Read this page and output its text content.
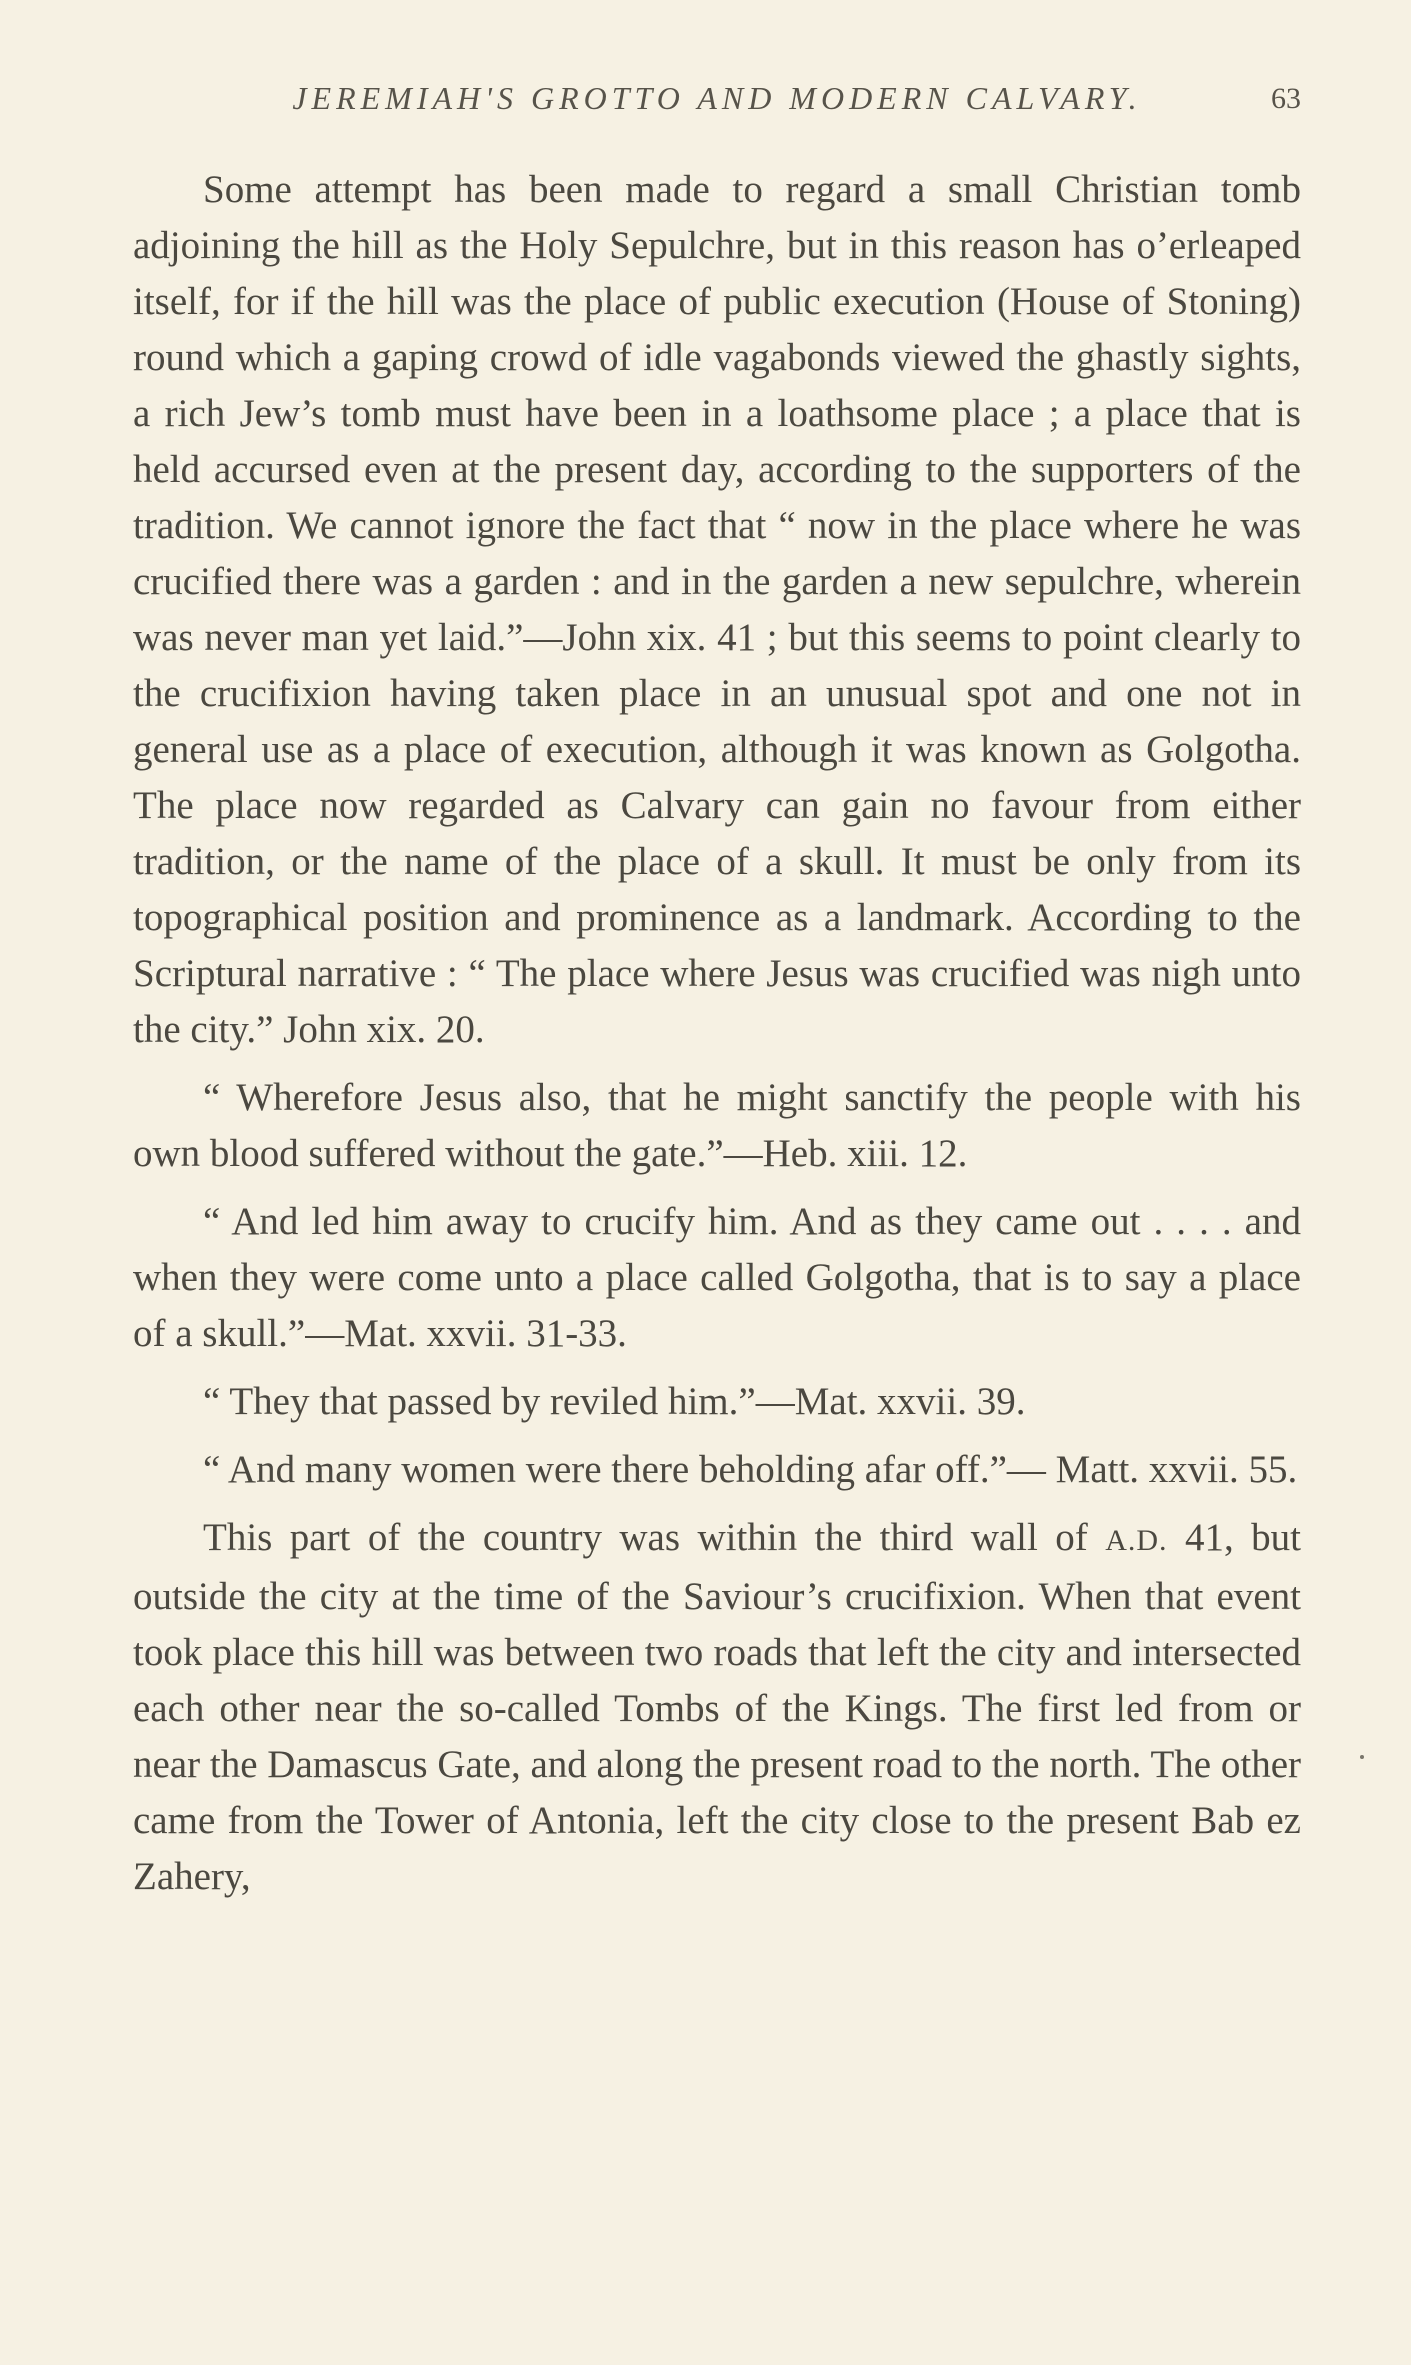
JEREMIAH'S GROTTO AND MODERN CALVARY.	63

Some attempt has been made to regard a small Christian tomb adjoining the hill as the Holy Sepulchre, but in this reason has o’erleaped itself, for if the hill was the place of public execution (House of Stoning) round which a gaping crowd of idle vagabonds viewed the ghastly sights, a rich Jew’s tomb must have been in a loathsome place ; a place that is held accursed even at the present day, according to the supporters of the tradition. We cannot ignore the fact that “ now in the place where he was crucified there was a garden : and in the garden a new sepulchre, wherein was never man yet laid.”—John xix. 41 ; but this seems to point clearly to the crucifixion having taken place in an unusual spot and one not in general use as a place of execution, although it was known as Golgotha. The place now regarded as Calvary can gain no favour from either tradition, or the name of the place of a skull. It must be only from its topographical position and prominence as a landmark. According to the Scriptural narrative : “ The place where Jesus was crucified was nigh unto the city.” John xix. 20.

“ Wherefore Jesus also, that he might sanctify the people with his own blood suffered without the gate.”—Heb. xiii. 12.

“ And led him away to crucify him. And as they came out . . . . and when they were come unto a place called Golgotha, that is to say a place of a skull.”—Mat. xxvii. 31-33.

“ They that passed by reviled him.”—Mat. xxvii. 39.

“ And many women were there beholding afar off.”— Matt. xxvii. 55.

This part of the country was within the third wall of A.D. 41, but outside the city at the time of the Saviour’s crucifixion. When that event took place this hill was between two roads that left the city and intersected each other near the so-called Tombs of the Kings. The first led from or near the Damascus Gate, and along the present road to the north. The other came from the Tower of Antonia, left the city close to the present Bab ez Zahery,
